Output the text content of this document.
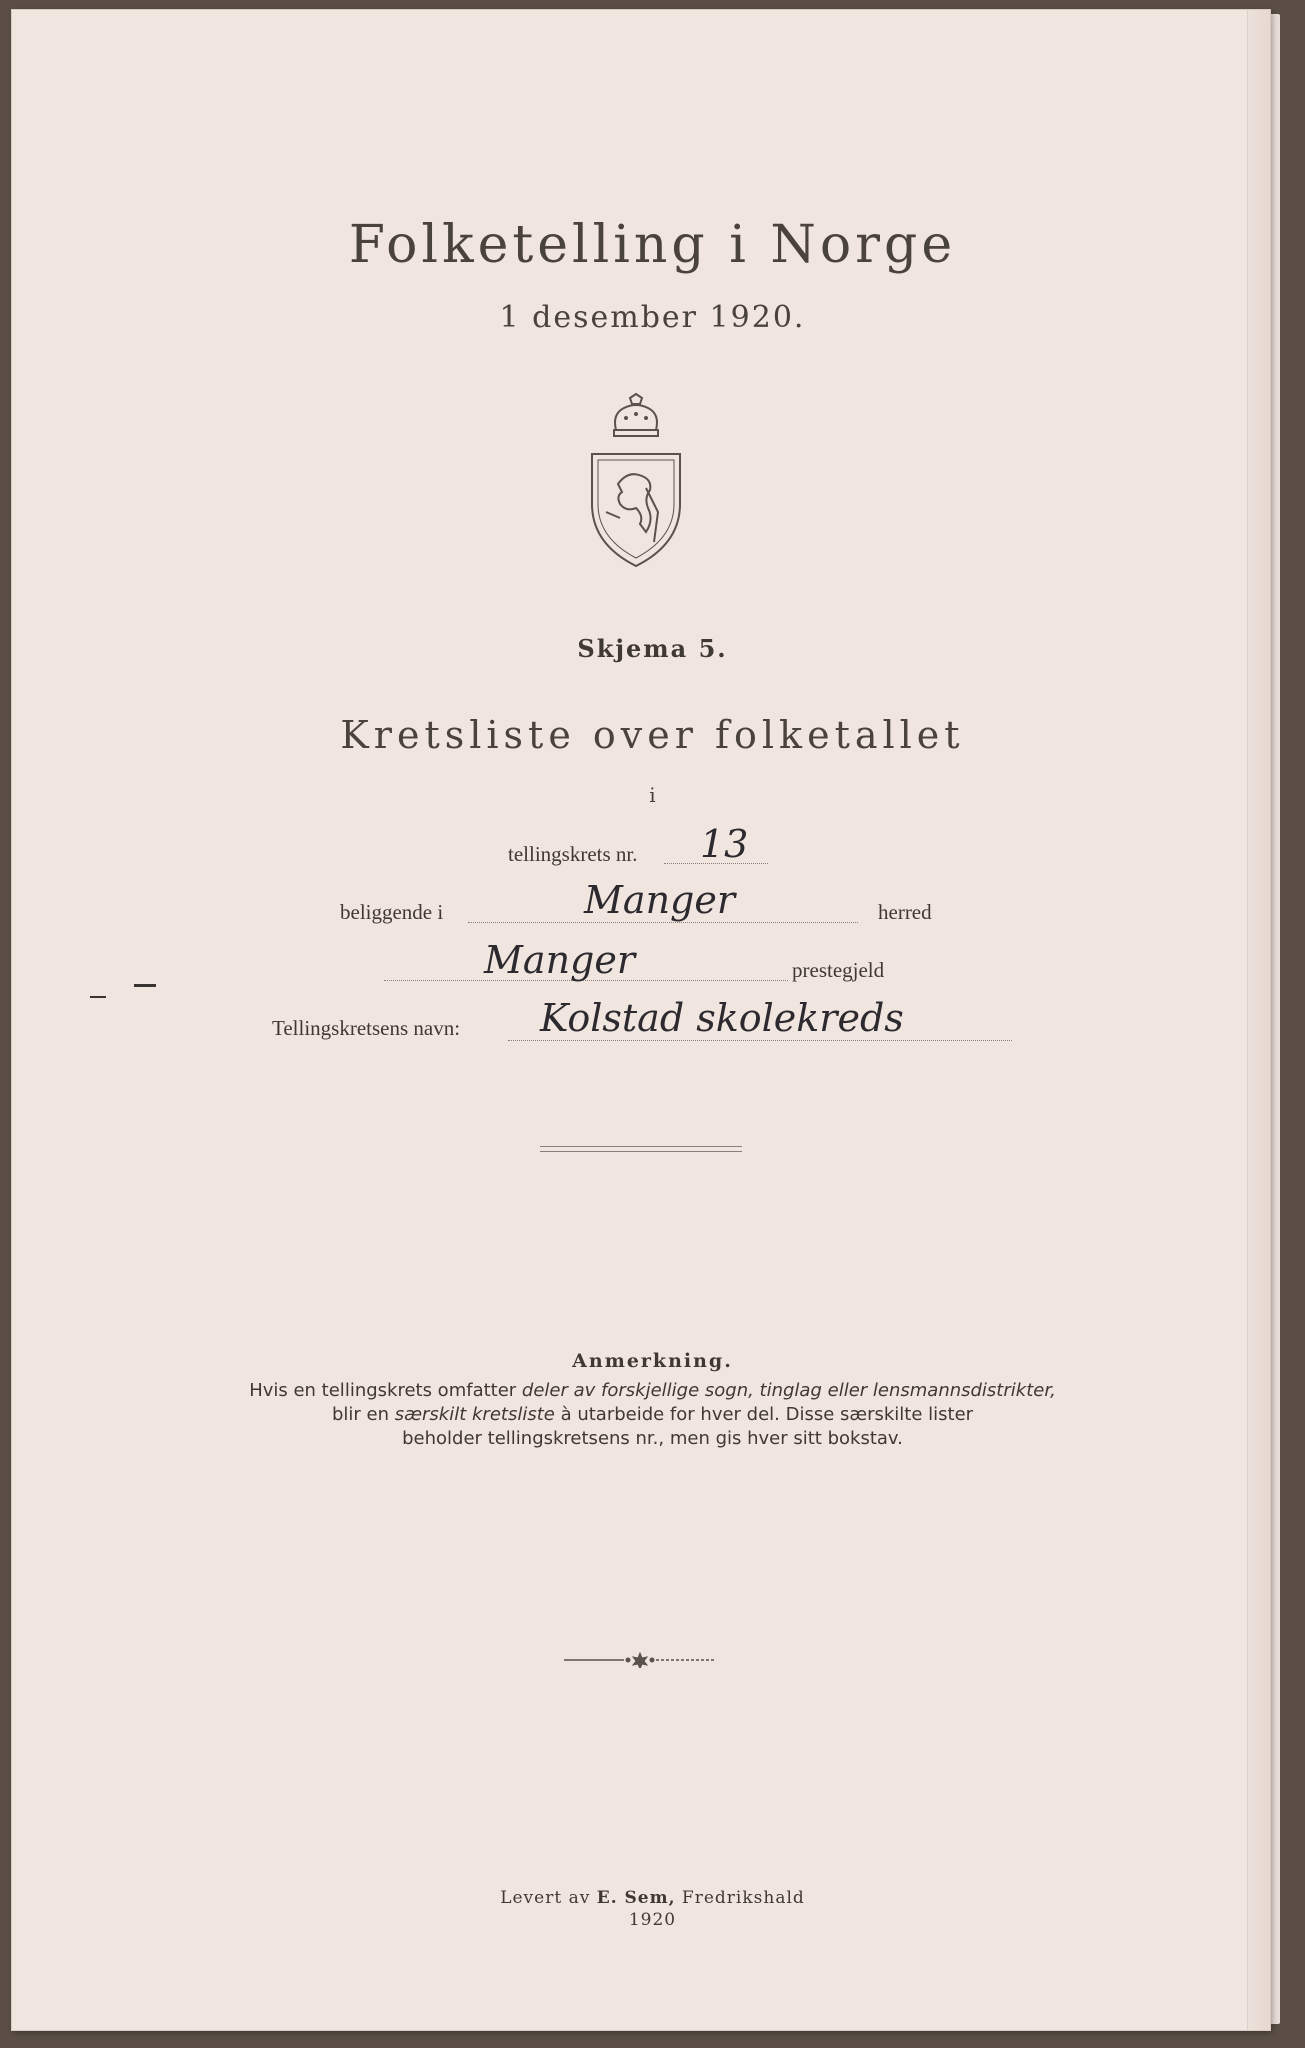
Folketelling i Norge
1 desember 1920.
Skjema 5.
Kretsliste over folketallet
i
tellingskrets nr. 13
beliggende i	Manger	herred
Manger	prestegjeld
Tellingskretsens navn: Kolstad skolekreds
Anmerkning.
Hvis en tellingskrets omfatter deler av forskjellige sogn, tinglag eller lensmannsdistrikter,
blir en særskilt kretsliste à utarbeide for hver del. Disse særskilte lister
beholder tellingskretsens nr., men gis hver sitt bokstav.
Levert av E. Sem, Fredrikshald
1920
